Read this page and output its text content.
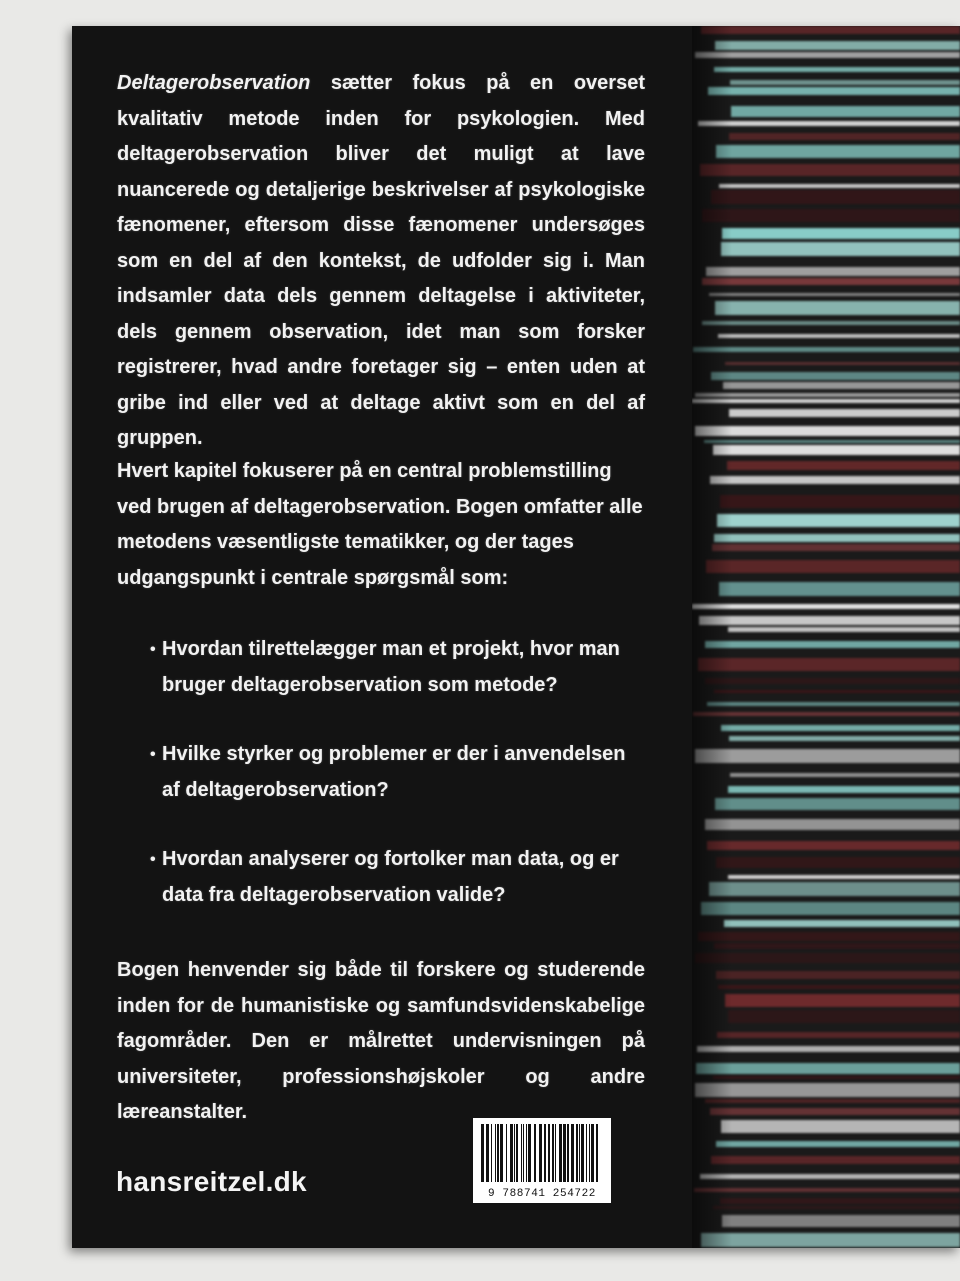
Deltagerobservation sætter fokus på en overset kvalitativ metode inden for psykologien. Med deltagerobservation bliver det muligt at lave nuancerede og detaljerige beskrivelser af psykologiske fænomener, eftersom disse fænomener undersøges som en del af den kontekst, de udfolder sig i. Man indsamler data dels gennem deltagelse i aktiviteter, dels gennem observation, idet man som forsker registrerer, hvad andre foretager sig – enten uden at gribe ind eller ved at deltage aktivt som en del af gruppen.
Hvert kapitel fokuserer på en central problemstilling ved brugen af deltagerobservation. Bogen omfatter alle metodens væsentligste tematikker, og der tages udgangspunkt i centrale spørgsmål som:
• Hvordan tilrettelægger man et projekt, hvor man bruger deltagerobservation som metode?
• Hvilke styrker og problemer er der i anvendelsen af deltagerobservation?
• Hvordan analyserer og fortolker man data, og er data fra deltagerobservation valide?
Bogen henvender sig både til forskere og studerende inden for de humanistiske og samfundsvidenskabelige fagområder. Den er målrettet undervisningen på universiteter, professionshøjskoler og andre læreanstalter.
hansreitzel.dk	9 788741 254722
